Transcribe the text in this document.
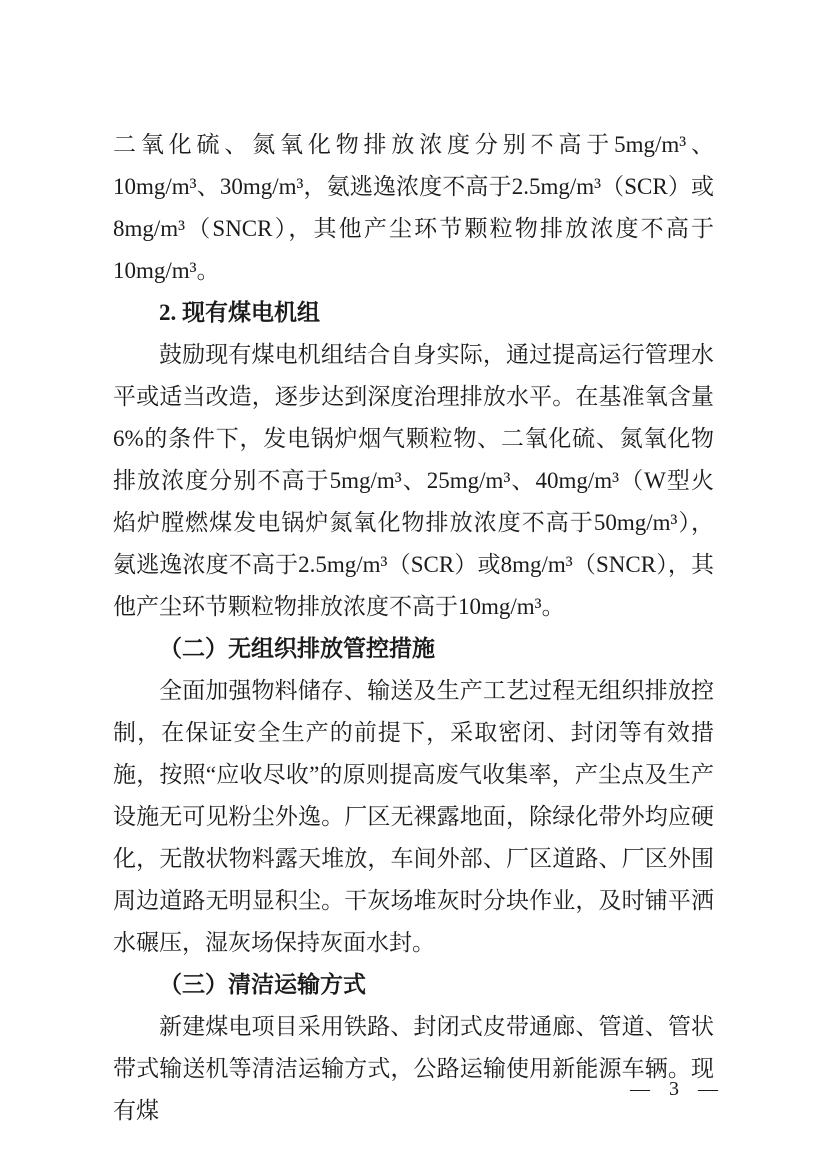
二氧化硫、氮氧化物排放浓度分别不高于5mg/m³、10mg/m³、30mg/m³，氨逃逸浓度不高于2.5mg/m³（SCR）或8mg/m³（SNCR），其他产尘环节颗粒物排放浓度不高于10mg/m³。

2. 现有煤电机组

鼓励现有煤电机组结合自身实际，通过提高运行管理水平或适当改造，逐步达到深度治理排放水平。在基准氧含量6%的条件下，发电锅炉烟气颗粒物、二氧化硫、氮氧化物排放浓度分别不高于5mg/m³、25mg/m³、40mg/m³（W型火焰炉膛燃煤发电锅炉氮氧化物排放浓度不高于50mg/m³），氨逃逸浓度不高于2.5mg/m³（SCR）或8mg/m³（SNCR），其他产尘环节颗粒物排放浓度不高于10mg/m³。

（二）无组织排放管控措施

全面加强物料储存、输送及生产工艺过程无组织排放控制，在保证安全生产的前提下，采取密闭、封闭等有效措施，按照“应收尽收”的原则提高废气收集率，产尘点及生产设施无可见粉尘外逸。厂区无裸露地面，除绿化带外均应硬化，无散状物料露天堆放，车间外部、厂区道路、厂区外围周边道路无明显积尘。干灰场堆灰时分块作业，及时铺平洒水碾压，湿灰场保持灰面水封。

（三）清洁运输方式

新建煤电项目采用铁路、封闭式皮带通廊、管道、管状带式输送机等清洁运输方式，公路运输使用新能源车辆。现有煤

— 3 —
